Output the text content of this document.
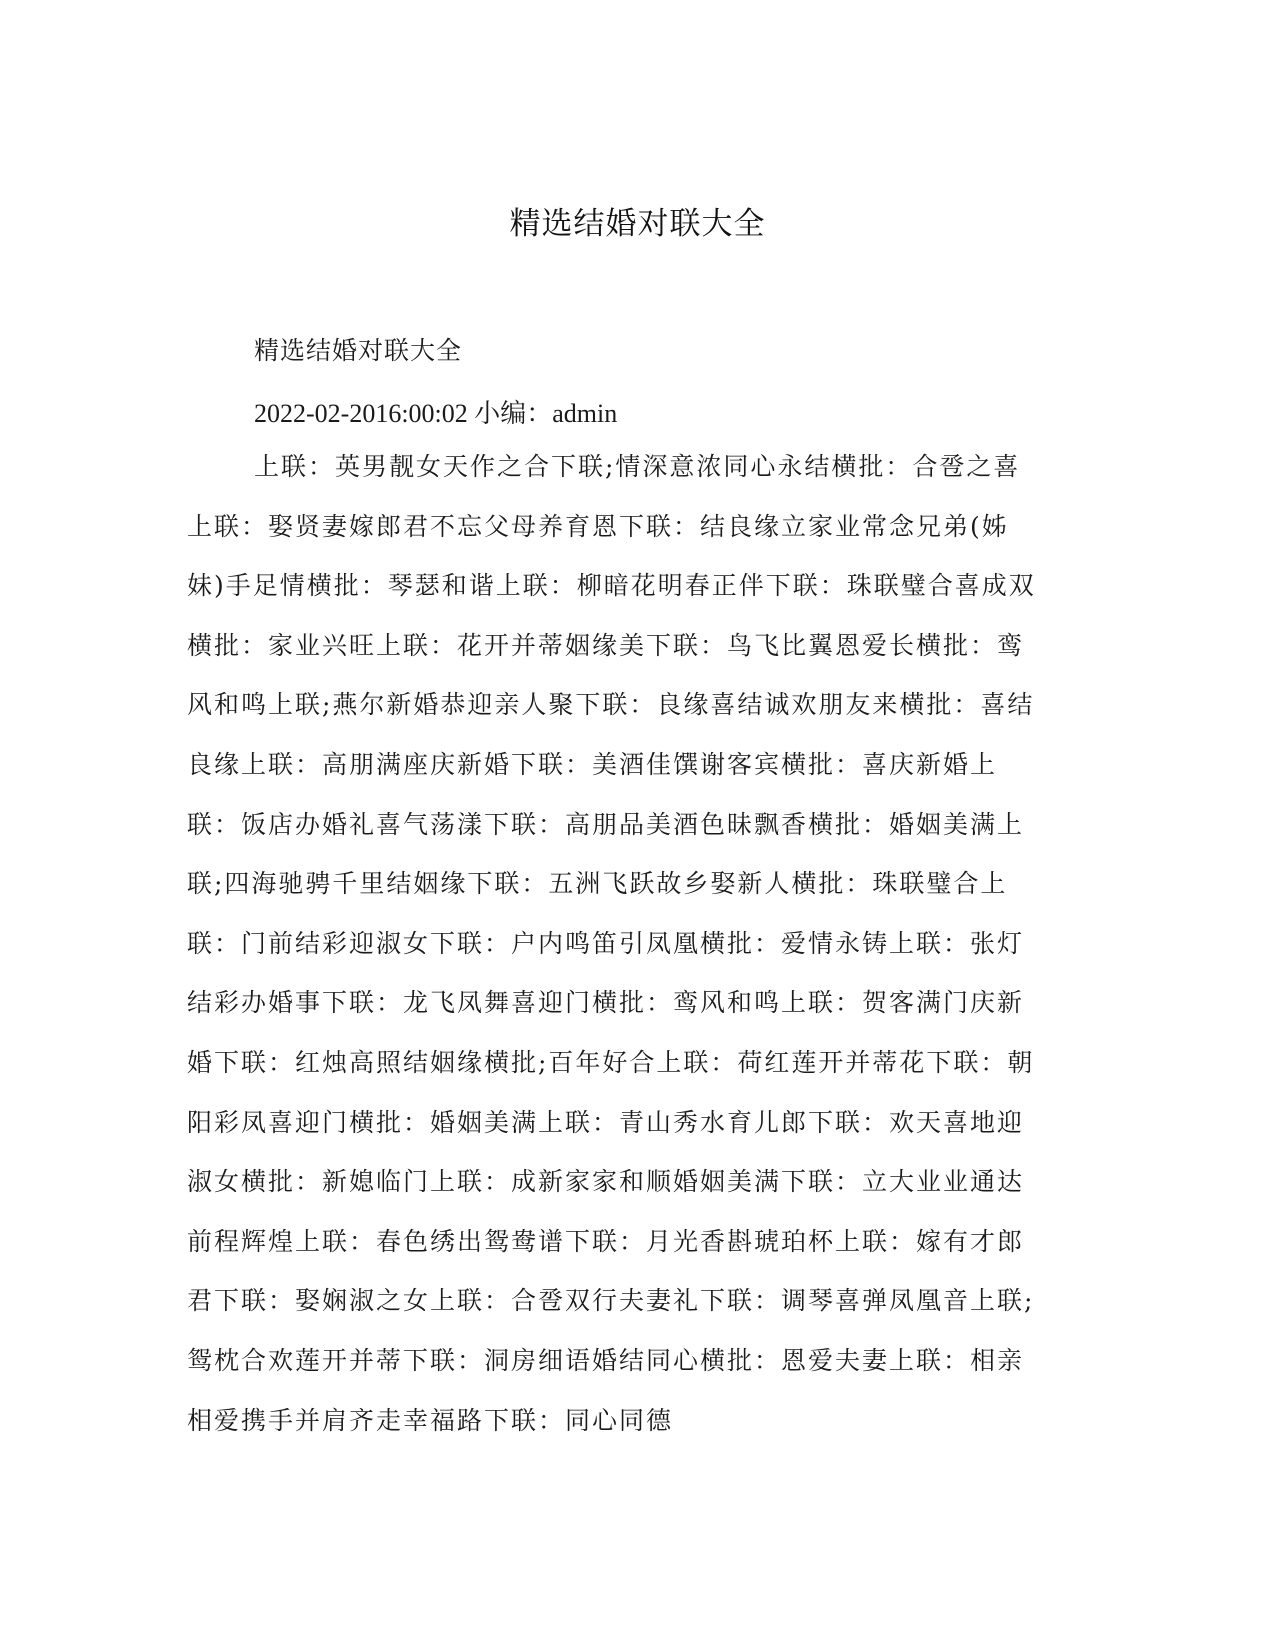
精选结婚对联大全
精选结婚对联大全
2022-02-2016:00:02 小编：admin

上联：英男靓女天作之合下联;情深意浓同心永结横批：合卺之喜上联：娶贤妻嫁郎君不忘父母养育恩下联：结良缘立家业常念兄弟(姊妹)手足情横批：琴瑟和谐上联：柳暗花明春正伴下联：珠联璧合喜成双横批：家业兴旺上联：花开并蒂姻缘美下联：鸟飞比翼恩爱长横批：鸾风和鸣上联;燕尔新婚恭迎亲人聚下联：良缘喜结诚欢朋友来横批：喜结良缘上联：高朋满座庆新婚下联：美酒佳馔谢客宾横批：喜庆新婚上联：饭店办婚礼喜气荡漾下联：高朋品美酒色昧飘香横批：婚姻美满上联;四海驰骋千里结姻缘下联：五洲飞跃故乡娶新人横批：珠联璧合上联：门前结彩迎淑女下联：户内鸣笛引凤凰横批：爱情永铸上联：张灯结彩办婚事下联：龙飞凤舞喜迎门横批：鸾风和鸣上联：贺客满门庆新婚下联：红烛高照结姻缘横批;百年好合上联：荷红莲开并蒂花下联：朝阳彩凤喜迎门横批：婚姻美满上联：青山秀水育儿郎下联：欢天喜地迎淑女横批：新媳临门上联：成新家家和顺婚姻美满下联：立大业业通达前程辉煌上联：春色绣出鸳鸯谱下联：月光香斟琥珀杯上联：嫁有才郎君下联：娶娴淑之女上联：合卺双行夫妻礼下联：调琴喜弹凤凰音上联;鸳枕合欢莲开并蒂下联：洞房细语婚结同心横批：恩爱夫妻上联：相亲相爱携手并肩齐走幸福路下联：同心同德
